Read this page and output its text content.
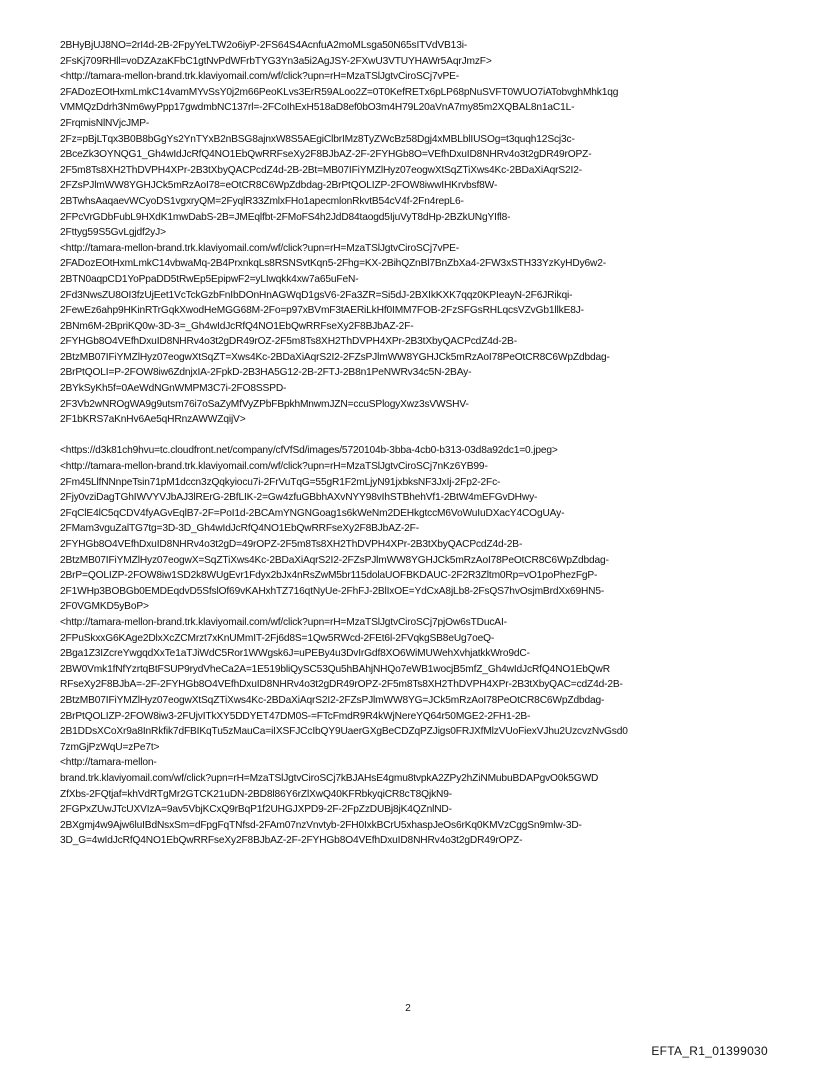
2BHyBjUJ8NO=2rI4d-2B-2FpyYeLTW2o6iyP-2FS64S4AcnfuA2moMLsga50N65sITVdVB13i-
2FsKj709RHll=voDZAzaKFbC1gtNvPdWFrbTYG3Yn3a5i2AgJSY-2FXwU3VTUYHAWr5AqrJmzF>
<http://tamara-mellon-brand.trk.klaviyomail.com/wf/click?upn=rH=MzaTSlJgtvCiroSCj7vPE-
2FADozEOtHxmLmkC14vamMYvSsY0j2m66PeoKLvs3ErR59ALoo2Z=0T0KefRETx6pLP68pNuSVFT0WUO7iATobvghMhk1qg
VMMQzDdrh3Nm6wyPpp17gwdmbNC137rl=-2FCoIhExH518aD8ef0bO3m4H79L20aVnA7my85m2XQBAL8n1aC1L-
2FrqmisNlNVjcJMP-
2Fz=pBjLTqx3B0B8bGgYs2YnTYxB2nBSG8ajnxW8S5AEgiClbrIMz8TyZWcBz58Dgj4xMBLblIUSOg=t3quqh12Scj3c-
2BceZk3OYNQG1_Gh4wIdJcRfQ4NO1EbQwRRFseXy2F8BJbAZ-2F-2FYHGb8O=VEfhDxuID8NHRv4o3t2gDR49rOPZ-
2F5m8Ts8XH2ThDVPH4XPr-2B3tXbyQACPcdZ4d-2B-2Bt=MB07IFiYMZlHyz07eogwXtSqZTiXws4Kc-2BDaXiAqrS2I2-
2FZsPJlmWW8YGHJCk5mRzAoI78=eOtCR8C6WpZdbdag-2BrPtQOLIZP-2FOW8iwwIHKrvbsf8W-
2BTwhsAaqaevWCyoDS1vgxryQM=2FyqlR33ZmlxFHo1apecmlonRkvtB54cV4f-2Fn4repL6-
2FPcVrGDbFubL9HXdK1mwDabS-2B=JMEqlfbt-2FMoFS4h2JdD84taogd5IjuVyT8dHp-2BZkUNgYIfl8-
2Fttyg59S5GvLgjdf2yJ>
<http://tamara-mellon-brand.trk.klaviyomail.com/wf/click?upn=rH=MzaTSlJgtvCiroSCj7vPE-
2FADozEOtHxmLmkC14vbwaMq-2B4PrxnkqLs8RSNSvtKqn5-2Fhg=KX-2BihQZnBl7BnZbXa4-2FW3xSTH33YzKyHDy6w2-
2BTN0aqpCD1YoPpaDD5tRwEp5EpipwF2=yLIwqkk4xw7a65uFeN-
2Fd3NwsZU8OI3fzUjEet1VcTckGzbFnIbDOnHnAGWqD1gsV6-2Fa3ZR=Si5dJ-2BXIkKXK7qqz0KPIeayN-2F6JRikqi-
2FewEz6ahp9HKinRTrGqkXwodHeMGG68M-2Fo=p97xBVmF3tAERiLkHf0IMM7FOB-2FzSFGsRHLqcsVZvGb1llkE8J-
2BNm6M-2BpriKQ0w-3D-3=_Gh4wIdJcRfQ4NO1EbQwRRFseXy2F8BJbAZ-2F-
2FYHGb8O4VEfhDxuID8NHRv4o3t2gDR49rOZ-2F5m8Ts8XH2ThDVPH4XPr-2B3tXbyQACPcdZ4d-2B-
2BtzMB07IFiYMZlHyz07eogwXtSqZT=Xws4Kc-2BDaXiAqrS2I2-2FZsPJlmWW8YGHJCk5mRzAoI78PeOtCR8C6WpZdbdag-
2BrPtQOLI=P-2FOW8iw6ZdnjxIA-2FpkD-2B3HA5G12-2B-2FTJ-2B8n1PeNWRv34c5N-2BAy-
2BYkSyKh5f=0AeWdNGnWMPM3C7i-2FO8SSPD-
2F3Vb2wNROgWA9g9utsm76i7oSaZyMfVyZPbFBpkhMnwmJZN=ccuSPlogyXwz3sVWSHV-
2F1bKRS7aKnHv6Ae5qHRnzAWWZqijV>
<https://d3k81ch9hvu=tc.cloudfront.net/company/cfVfSd/images/5720104b-3bba-4cb0-b313-03d8a92dc1=0.jpeg>
<http://tamara-mellon-brand.trk.klaviyomail.com/wf/click?upn=rH=MzaTSlJgtvCiroSCj7nKz6YB99-
2Fm45LlfNNnpeTsin71pM1dccn3zQqkyiocu7i-2FrVuTqG=55gR1F2mLjyN91jxbksNF3JxIj-2Fp2-2Fc-
2Fjy0vziDagTGhIWVYVJbAJ3lRErG-2BfLIK-2=Gw4zfuGBbhAXvNYY98vIhSTBhehVf1-2BtW4mEFGvDHwy-
2FqClE4lC5qCDV4fyAGvEqlB7-2F=PoI1d-2BCAmYNGNGoag1s6kWeNm2DEHkgtccM6VoWuIuDXacY4COgUAy-
2FMam3vguZalTG7tg=3D-3D_Gh4wIdJcRfQ4NO1EbQwRRFseXy2F8BJbAZ-2F-
2FYHGb8O4VEfhDxuID8NHRv4o3t2gD=49rOPZ-2F5m8Ts8XH2ThDVPH4XPr-2B3tXbyQACPcdZ4d-2B-
2BtzMB07IFiYMZlHyz07eogwX=SqZTiXws4Kc-2BDaXiAqrS2I2-2FZsPJlmWW8YGHJCk5mRzAoI78PeOtCR8C6WpZdbdag-
2BrP=QOLIZP-2FOW8iw1SD2k8WUgEvr1Fdyx2bJx4nRsZwM5br115dolaUOFBKDAUC-2F2R3Zltm0Rp=vO1poPhezFgP-
2F1WHp3BOBGb0EMDEqdvD5SfslOf69vKAHxhTZ716qtNyUe-2FhFJ-2BlIxOE=YdCxA8jLb8-2FsQS7hvOsjmBrdXx69HN5-
2F0VGMKD5yBoP>
<http://tamara-mellon-brand.trk.klaviyomail.com/wf/click?upn=rH=MzaTSlJgtvCiroSCj7pjOw6sTDucAI-
2FPuSkxxG6KAge2DlxXcZCMrzt7xKnUMmIT-2Fj6d8S=1Qw5RWcd-2FEt6l-2FVqkgSB8eUg7oeQ-
2Bga1Z3IZcreYwgqdXxTe1aTJiWdC5Ror1WWgsk6J=uPEBy4u3DvIrGdf8XO6WiMUWehXvhjatkkWro9dC-
2BW0Vmk1fNfYzrtqBtFSUP9rydVheCa2A=1E519bliQySC53Qu5hBAhjNHQo7eWB1wocjB5mfZ_Gh4wIdJcRfQ4NO1EbQwR
RFseXy2F8BJbA=-2F-2FYHGb8O4VEfhDxuID8NHRv4o3t2gDR49rOPZ-2F5m8Ts8XH2ThDVPH4XPr-2B3tXbyQAC=cdZ4d-2B-
2BtzMB07IFiYMZlHyz07eogwXtSqZTiXws4Kc-2BDaXiAqrS2I2-2FZsPJlmWW8YG=JCk5mRzAoI78PeOtCR8C6WpZdbdag-
2BrPtQOLIZP-2FOW8iw3-2FUjvITkXY5DDYET47DM0S-=FTcFmdR9R4kWjNereYQ64r50MGE2-2FH1-2B-
2B1DDsXCoXr9a8InRkfik7dFBIKqTu5zMauCa=iIXSFJCcIbQY9UaerGXgBeCDZqPZJigs0FRJXfMlzVUoFiexVJhu2UzcvzNvGsd0
7zmGjPzWqU=zPe7t>
<http://tamara-mellon-
brand.trk.klaviyomail.com/wf/click?upn=rH=MzaTSlJgtvCiroSCj7kBJAHsE4gmu8tvpkA2ZPy2hZiNMubuBDAPgvO0k5GWD
ZfXbs-2FQtjaf=khVdRTgMr2GTCK21uDN-2BD8l86Y6rZlXwQ40KFRbkyqiCR8cT8QjkN9-
2FGPxZUwJTcUXVIzA=9av5VbjKCxQ9rBqP1f2UHGJXPD9-2F-2FpZzDUBj8jK4QZnlND-
2BXgmj4w9Ajw6luIBdNsxSm=dFpgFqTNfsd-2FAm07nzVnvtyb-2FH0IxkBCrU5xhaspJeOs6rKq0KMVzCggSn9mlw-3D-
3D_G=4wIdJcRfQ4NO1EbQwRRFseXy2F8BJbAZ-2F-2FYHGb8O4VEfhDxuID8NHRv4o3t2gDR49rOPZ-
2
EFTA_R1_01399030
